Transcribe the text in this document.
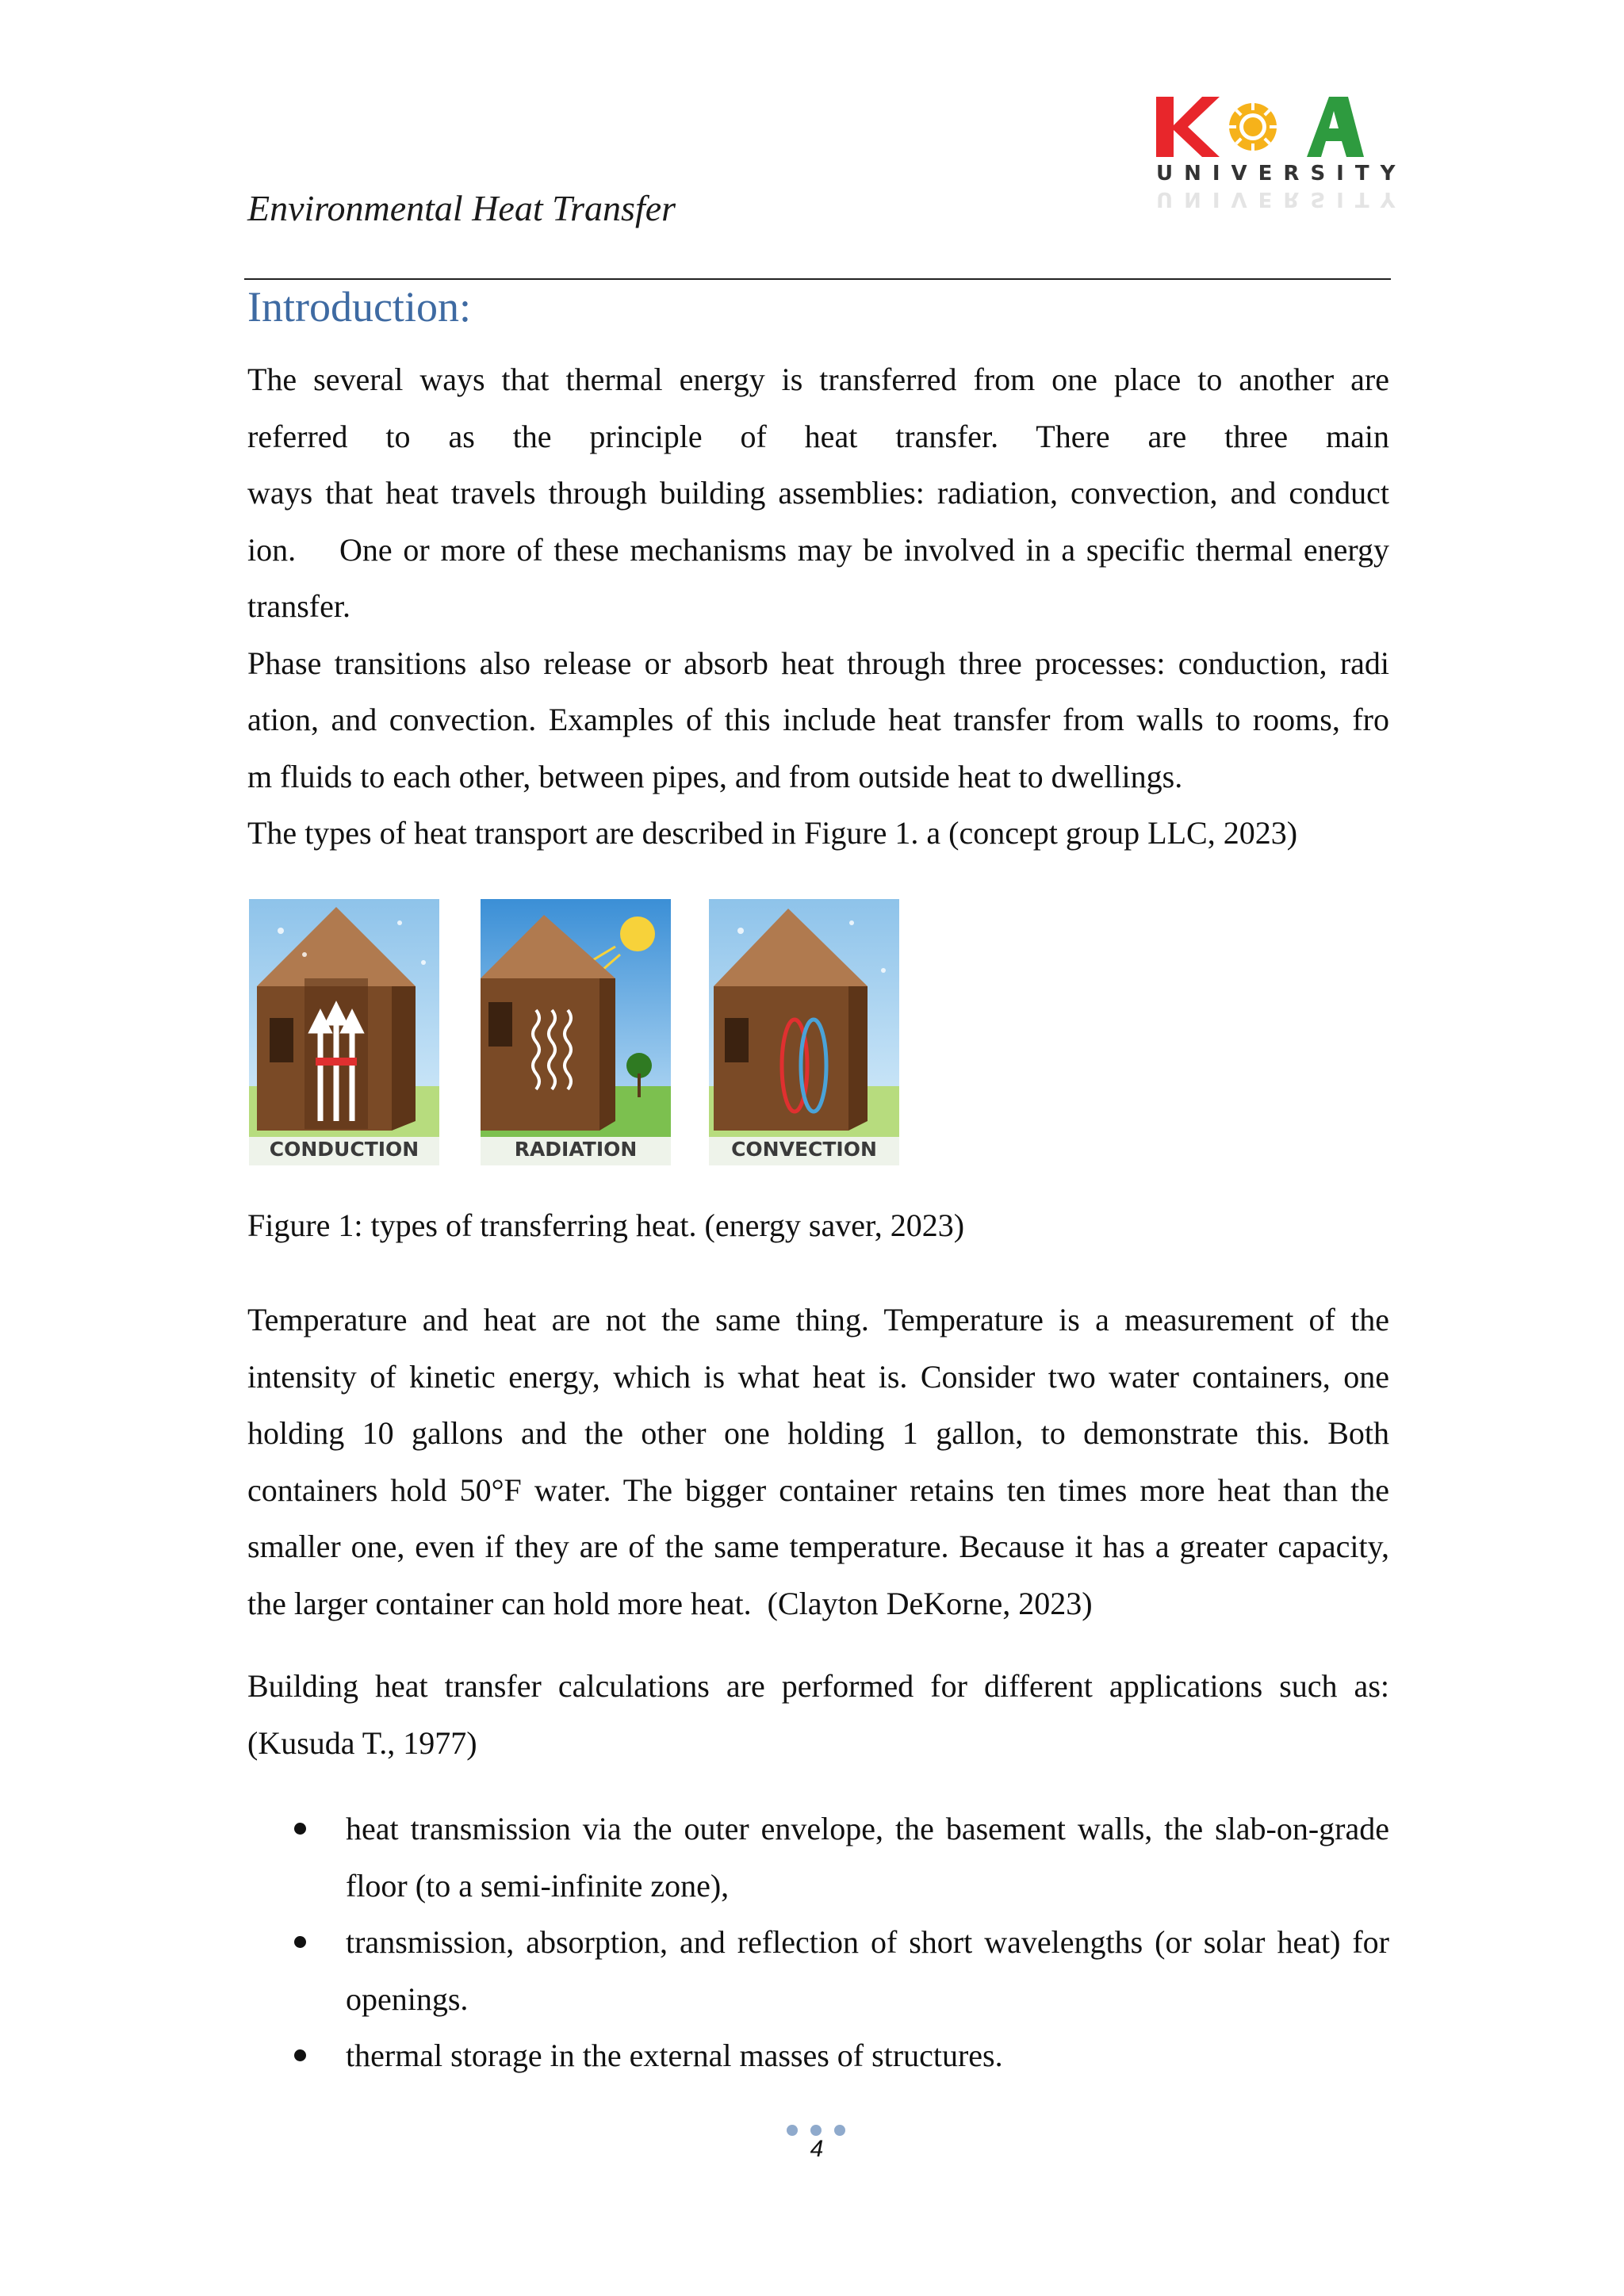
Environmental Heat Transfer
UNIVERSITY
UNIVERSITY
Introduction:
The several ways that thermal energy is transferred from one place to another are
referred to as the principle of heat transfer. There are three main
ways that heat travels through building assemblies: radiation, convection, and conduct
ion.    One or more of these mechanisms may be involved in a specific thermal energy
transfer.
Phase transitions also release or absorb heat through three processes: conduction, radi
ation, and convection. Examples of this include heat transfer from walls to rooms, fro
m fluids to each other, between pipes, and from outside heat to dwellings.
The types of heat transport are described in Figure 1. a (concept group LLC, 2023)
CONDUCTION	RADIATION	CONVECTION
Figure 1: types of transferring heat. (energy saver, 2023)
Temperature and heat are not the same thing. Temperature is a measurement of the
intensity of kinetic energy, which is what heat is. Consider two water containers, one
holding 10 gallons and the other one holding 1 gallon, to demonstrate this. Both
containers hold 50°F water. The bigger container retains ten times more heat than the
smaller one, even if they are of the same temperature. Because it has a greater capacity,
the larger container can hold more heat.  (Clayton DeKorne, 2023)
Building heat transfer calculations are performed for different applications such as:
(Kusuda T., 1977)
heat transmission via the outer envelope, the basement walls, the slab-on-grade
floor (to a semi-infinite zone),
transmission, absorption, and reflection of short wavelengths (or solar heat) for
openings.
thermal storage in the external masses of structures.
4
